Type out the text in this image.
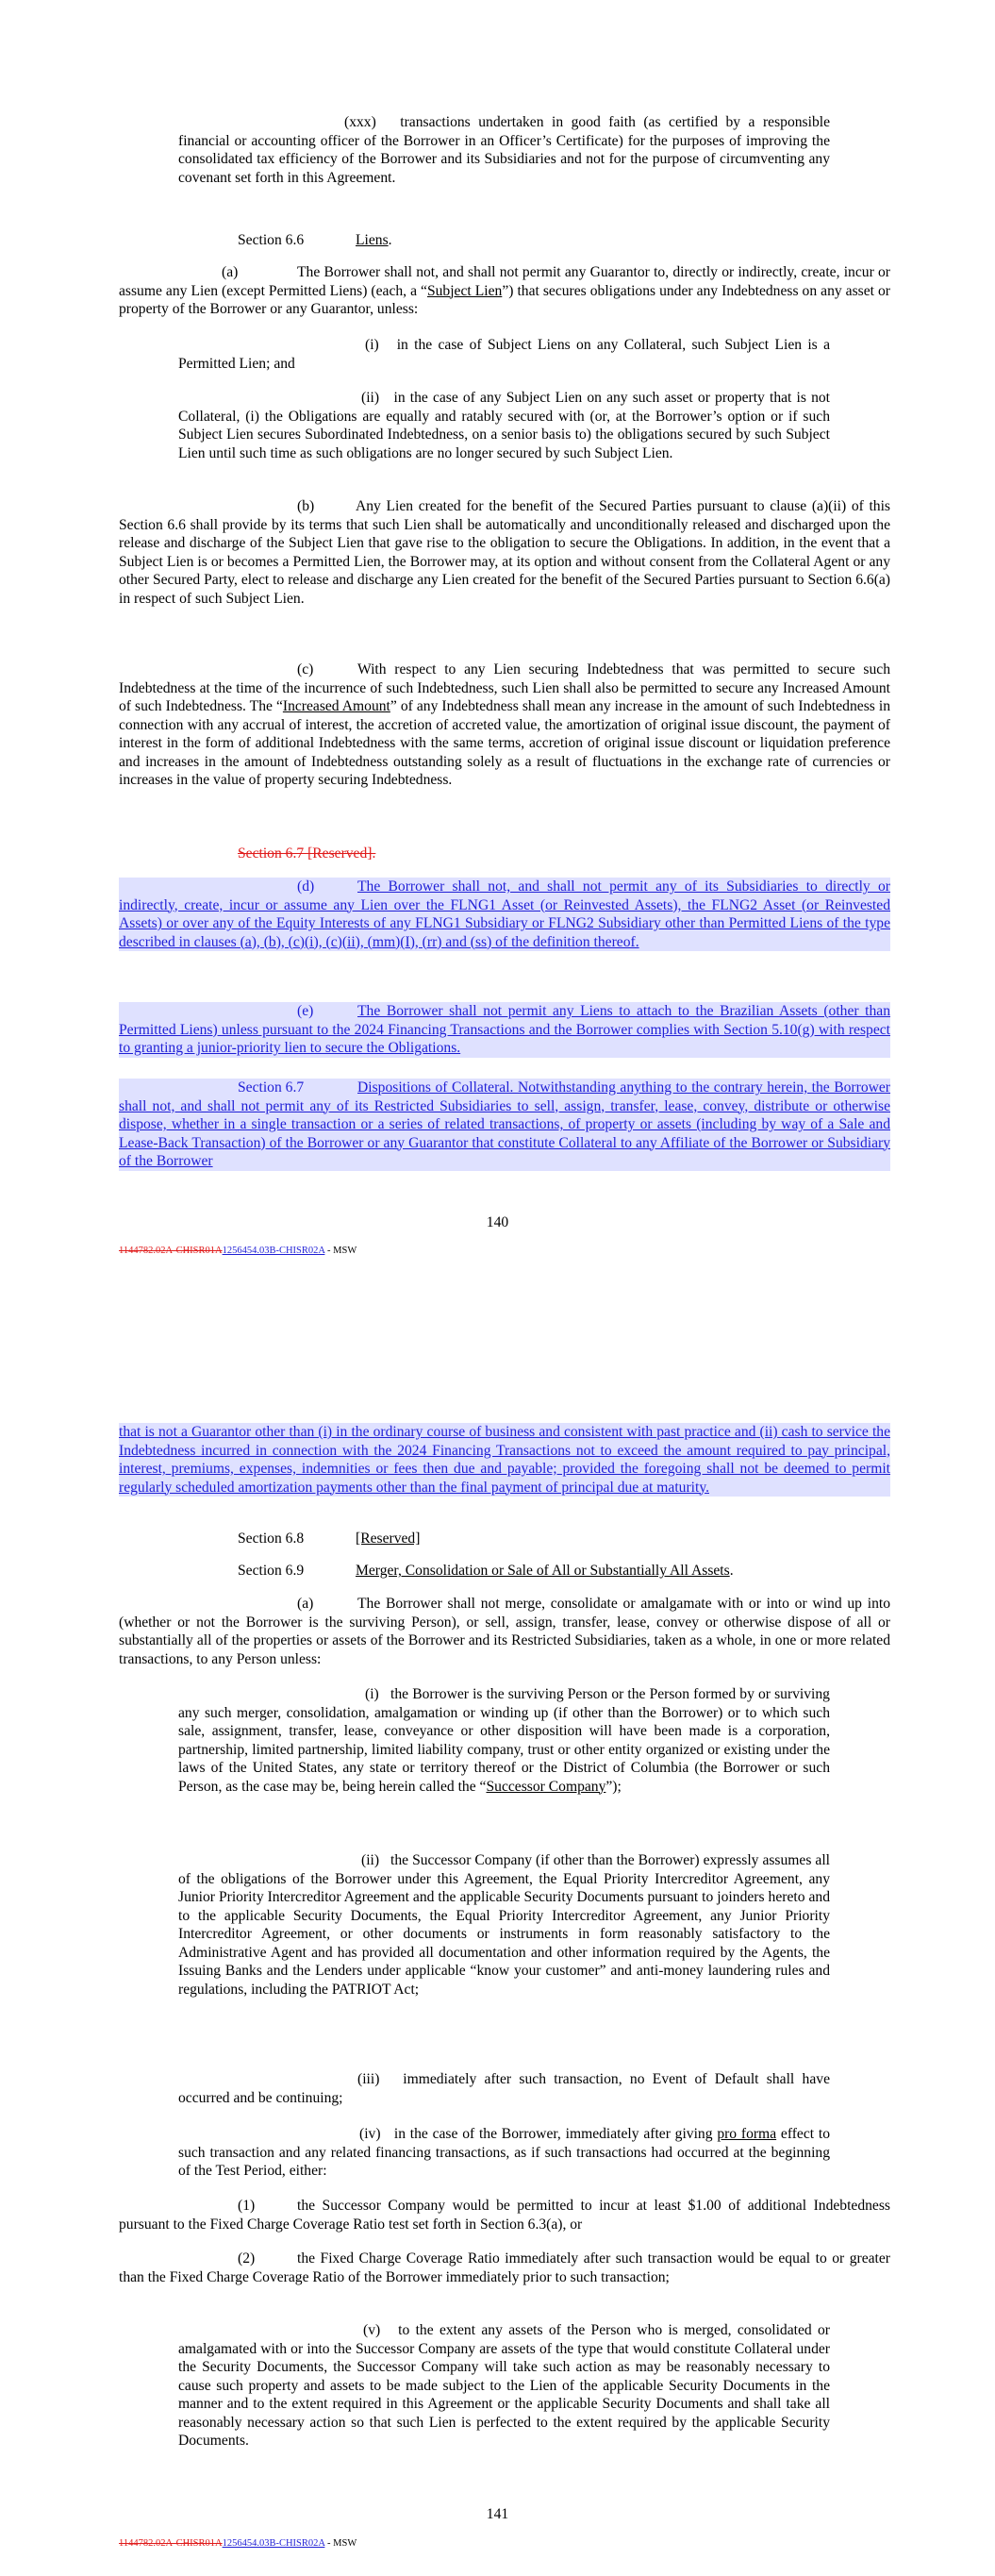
(xxx) transactions undertaken in good faith (as certified by a responsible financial or accounting officer of the Borrower in an Officer’s Certificate) for the purposes of improving the consolidated tax efficiency of the Borrower and its Subsidiaries and not for the purpose of circumventing any covenant set forth in this Agreement.

Section 6.6	Liens.

(a)	The Borrower shall not, and shall not permit any Guarantor to, directly or indirectly, create, incur or assume any Lien (except Permitted Liens) (each, a “Subject Lien”) that secures obligations under any Indebtedness on any asset or property of the Borrower or any Guarantor, unless:

(i) in the case of Subject Liens on any Collateral, such Subject Lien is a Permitted Lien; and

(ii) in the case of any Subject Lien on any such asset or property that is not Collateral, (i) the Obligations are equally and ratably secured with (or, at the Borrower’s option or if such Subject Lien secures Subordinated Indebtedness, on a senior basis to) the obligations secured by such Subject Lien until such time as such obligations are no longer secured by such Subject Lien.

(b)	Any Lien created for the benefit of the Secured Parties pursuant to clause (a)(ii) of this Section 6.6 shall provide by its terms that such Lien shall be automatically and unconditionally released and discharged upon the release and discharge of the Subject Lien that gave rise to the obligation to secure the Obligations. In addition, in the event that a Subject Lien is or becomes a Permitted Lien, the Borrower may, at its option and without consent from the Collateral Agent or any other Secured Party, elect to release and discharge any Lien created for the benefit of the Secured Parties pursuant to Section 6.6(a) in respect of such Subject Lien.

(c)	With respect to any Lien securing Indebtedness that was permitted to secure such Indebtedness at the time of the incurrence of such Indebtedness, such Lien shall also be permitted to secure any Increased Amount of such Indebtedness. The “Increased Amount” of any Indebtedness shall mean any increase in the amount of such Indebtedness in connection with any accrual of interest, the accretion of accreted value, the amortization of original issue discount, the payment of interest in the form of additional Indebtedness with the same terms, accretion of original issue discount or liquidation preference and increases in the amount of Indebtedness outstanding solely as a result of fluctuations in the exchange rate of currencies or increases in the value of property securing Indebtedness.

Section 6.7 [Reserved].

(d)	The Borrower shall not, and shall not permit any of its Subsidiaries to directly or indirectly, create, incur or assume any Lien over the FLNG1 Asset (or Reinvested Assets), the FLNG2 Asset (or Reinvested Assets) or over any of the Equity Interests of any FLNG1 Subsidiary or FLNG2 Subsidiary other than Permitted Liens of the type described in clauses (a), (b), (c)(i), (c)(ii), (mm)(I), (rr) and (ss) of the definition thereof.

(e)	The Borrower shall not permit any Liens to attach to the Brazilian Assets (other than Permitted Liens) unless pursuant to the 2024 Financing Transactions and the Borrower complies with Section 5.10(g) with respect to granting a junior-priority lien to secure the Obligations.

Section 6.7	Dispositions of Collateral. Notwithstanding anything to the contrary herein, the Borrower shall not, and shall not permit any of its Restricted Subsidiaries to sell, assign, transfer, lease, convey, distribute or otherwise dispose, whether in a single transaction or a series of related transactions, of property or assets (including by way of a Sale and Lease-Back Transaction) of the Borrower or any Guarantor that constitute Collateral to any Affiliate of the Borrower or Subsidiary of the Borrower

140
1144782.02A-CHISR01A1256454.03B-CHISR02A - MSW

that is not a Guarantor other than (i) in the ordinary course of business and consistent with past practice and (ii) cash to service the Indebtedness incurred in connection with the 2024 Financing Transactions not to exceed the amount required to pay principal, interest, premiums, expenses, indemnities or fees then due and payable; provided the foregoing shall not be deemed to permit regularly scheduled amortization payments other than the final payment of principal due at maturity.

Section 6.8	[Reserved]

Section 6.9	Merger, Consolidation or Sale of All or Substantially All Assets.

(a)	The Borrower shall not merge, consolidate or amalgamate with or into or wind up into (whether or not the Borrower is the surviving Person), or sell, assign, transfer, lease, convey or otherwise dispose of all or substantially all of the properties or assets of the Borrower and its Restricted Subsidiaries, taken as a whole, in one or more related transactions, to any Person unless:

(i) the Borrower is the surviving Person or the Person formed by or surviving any such merger, consolidation, amalgamation or winding up (if other than the Borrower) or to which such sale, assignment, transfer, lease, conveyance or other disposition will have been made is a corporation, partnership, limited partnership, limited liability company, trust or other entity organized or existing under the laws of the United States, any state or territory thereof or the District of Columbia (the Borrower or such Person, as the case may be, being herein called the “Successor Company”);

(ii) the Successor Company (if other than the Borrower) expressly assumes all of the obligations of the Borrower under this Agreement, the Equal Priority Intercreditor Agreement, any Junior Priority Intercreditor Agreement and the applicable Security Documents pursuant to joinders hereto and to the applicable Security Documents, the Equal Priority Intercreditor Agreement, any Junior Priority Intercreditor Agreement, or other documents or instruments in form reasonably satisfactory to the Administrative Agent and has provided all documentation and other information required by the Agents, the Issuing Banks and the Lenders under applicable “know your customer” and anti-money laundering rules and regulations, including the PATRIOT Act;

(iii) immediately after such transaction, no Event of Default shall have occurred and be continuing;

(iv) in the case of the Borrower, immediately after giving pro forma effect to such transaction and any related financing transactions, as if such transactions had occurred at the beginning of the Test Period, either:

(1)	the Successor Company would be permitted to incur at least $1.00 of additional Indebtedness pursuant to the Fixed Charge Coverage Ratio test set forth in Section 6.3(a), or

(2)	the Fixed Charge Coverage Ratio immediately after such transaction would be equal to or greater than the Fixed Charge Coverage Ratio of the Borrower immediately prior to such transaction;

(v) to the extent any assets of the Person who is merged, consolidated or amalgamated with or into the Successor Company are assets of the type that would constitute Collateral under the Security Documents, the Successor Company will take such action as may be reasonably necessary to cause such property and assets to be made subject to the Lien of the applicable Security Documents in the manner and to the extent required in this Agreement or the applicable Security Documents and shall take all reasonably necessary action so that such Lien is perfected to the extent required by the applicable Security Documents.

141
1144782.02A-CHISR01A1256454.03B-CHISR02A - MSW
